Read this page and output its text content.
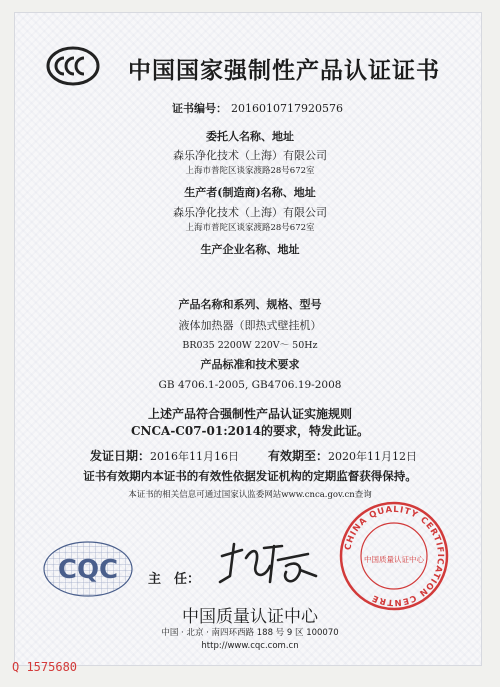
中国国家强制性产品认证证书
证书编号： 2016010717920576
委托人名称、地址
森乐净化技术（上海）有限公司
上海市普陀区谈家渡路28号672室
生产者(制造商)名称、地址
森乐净化技术（上海）有限公司
上海市普陀区谈家渡路28号672室
生产企业名称、地址
产品名称和系列、规格、型号
液体加热器（即热式壁挂机）
BR035 2200W 220V～ 50Hz
产品标准和技术要求
GB 4706.1-2005, GB4706.19-2008
上述产品符合强制性产品认证实施规则
CNCA-C07-01:2014的要求，特发此证。
发证日期：2016年11月16日 有效期至：2020年11月12日
证书有效期内本证书的有效性依据发证机构的定期监督获得保持。
本证书的相关信息可通过国家认监委网站www.cnca.gov.cn查询
CQC 主　任：
CHINA QUALITY CERTIFICATION CENTRE
中国质量认证中心
中国质量认证中心
中国 · 北京 · 南四环西路 188 号 9 区 100070
http://www.cqc.com.cn
Q 1575680
